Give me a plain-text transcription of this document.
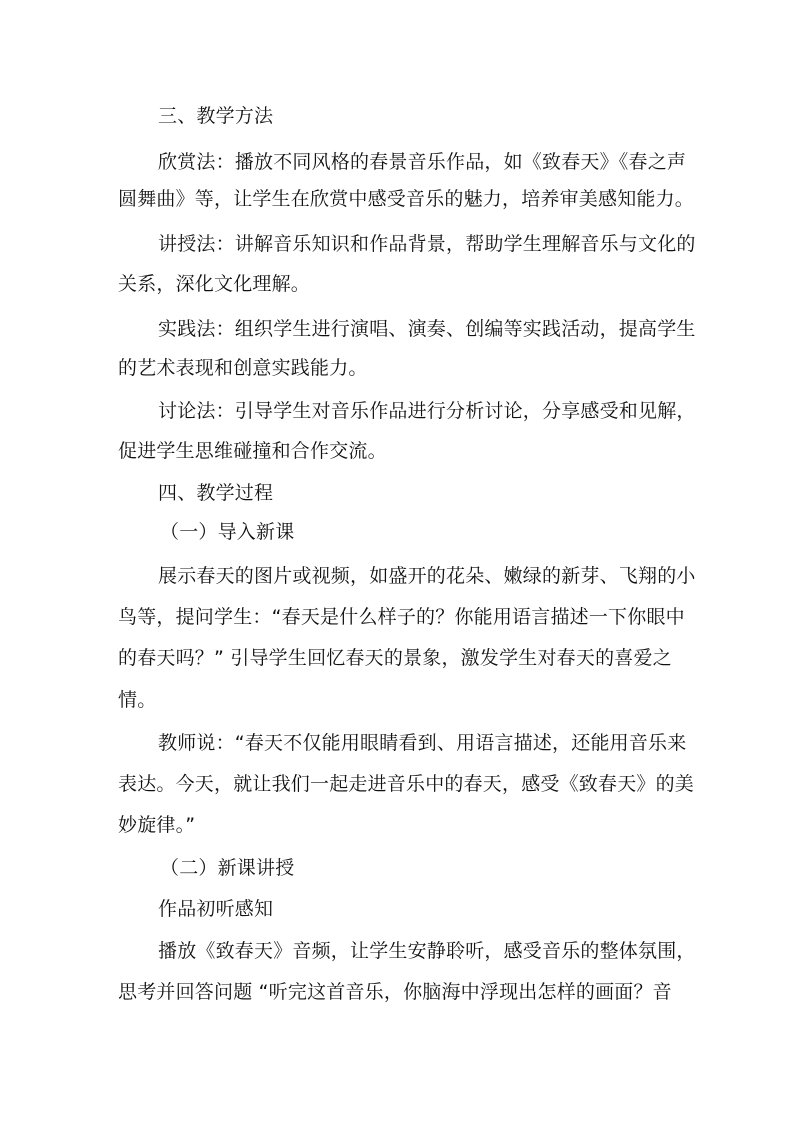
三、教学方法
欣赏法：播放不同风格的春景音乐作品，如《致春天》《春之声
圆舞曲》等，让学生在欣赏中感受音乐的魅力，培养审美感知能力。
讲授法：讲解音乐知识和作品背景，帮助学生理解音乐与文化的
关系，深化文化理解。
实践法：组织学生进行演唱、演奏、创编等实践活动，提高学生
的艺术表现和创意实践能力。
讨论法：引导学生对音乐作品进行分析讨论，分享感受和见解，
促进学生思维碰撞和合作交流。
四、教学过程
（一）导入新课
展示春天的图片或视频，如盛开的花朵、嫩绿的新芽、飞翔的小
鸟等，提问学生：“春天是什么样子的？你能用语言描述一下你眼中
的春天吗？” 引导学生回忆春天的景象，激发学生对春天的喜爱之
情。
教师说：“春天不仅能用眼睛看到、用语言描述，还能用音乐来
表达。今天，就让我们一起走进音乐中的春天，感受《致春天》的美
妙旋律。”
（二）新课讲授
作品初听感知
播放《致春天》音频，让学生安静聆听，感受音乐的整体氛围，
思考并回答问题 “听完这首音乐，你脑海中浮现出怎样的画面？音
